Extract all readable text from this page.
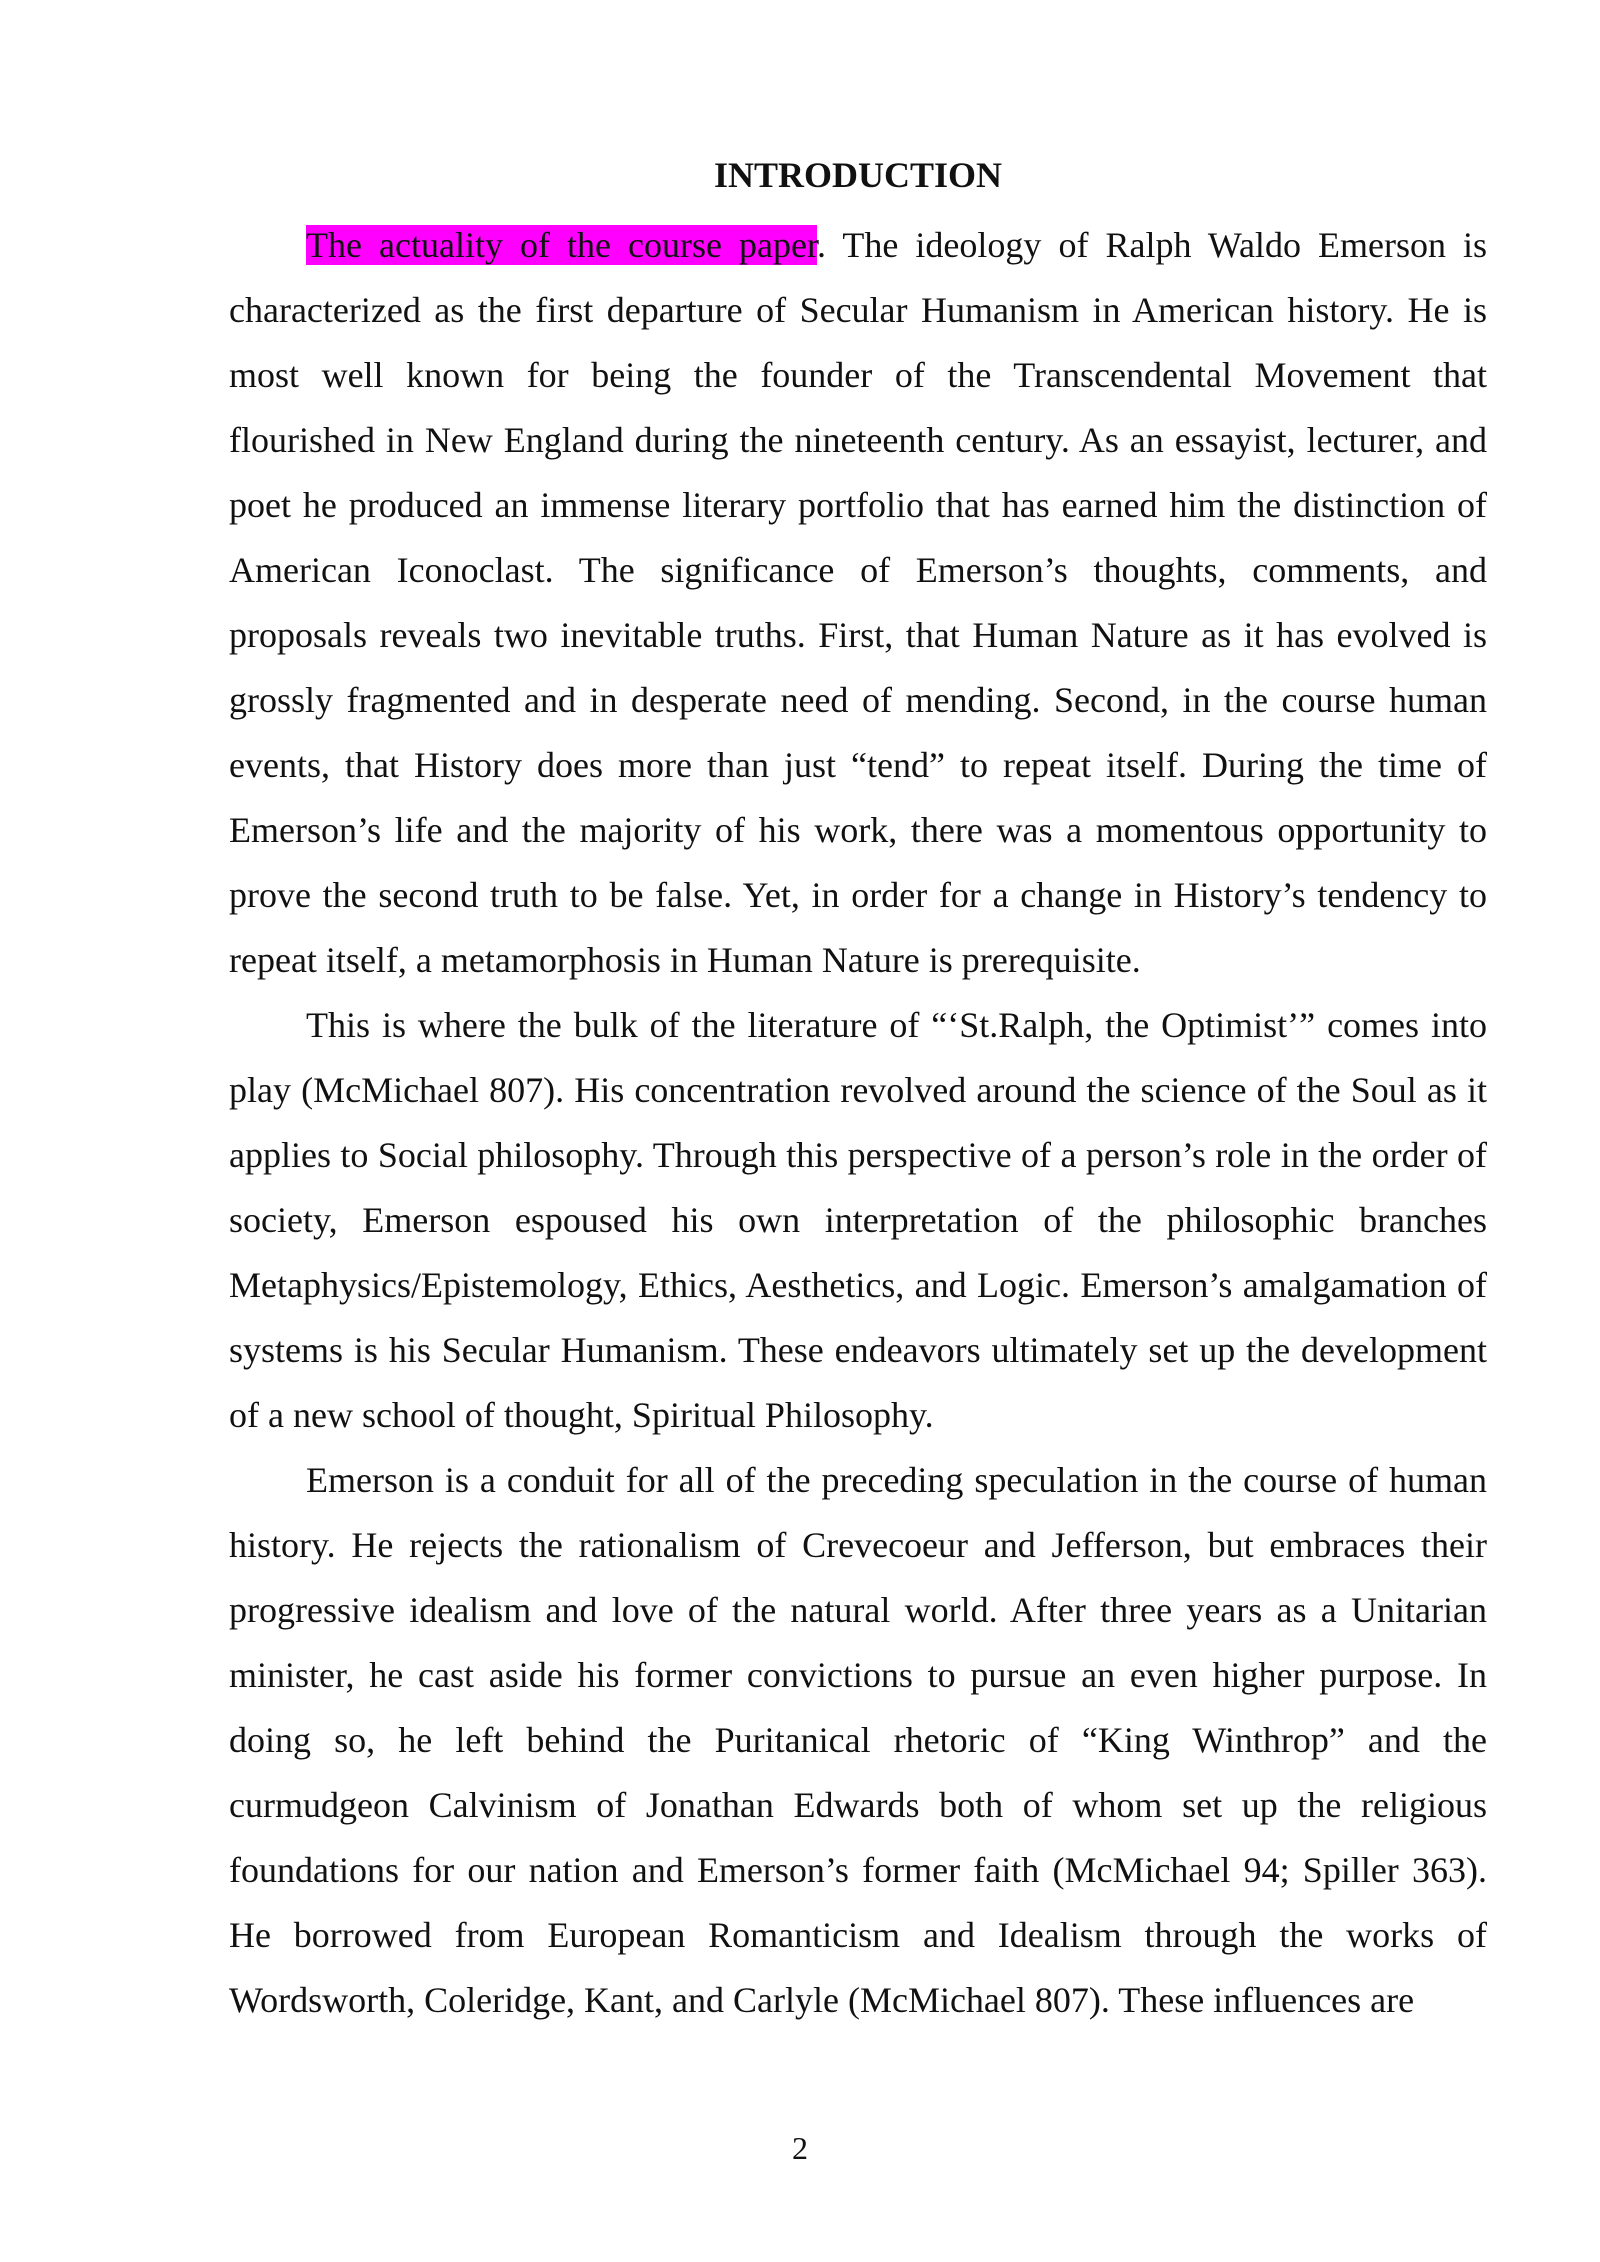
INTRODUCTION

The actuality of the course paper. The ideology of Ralph Waldo Emerson is characterized as the first departure of Secular Humanism in American history. He is most well known for being the founder of the Transcendental Movement that flourished in New England during the nineteenth century. As an essayist, lecturer, and poet he produced an immense literary portfolio that has earned him the distinction of American Iconoclast. The significance of Emerson’s thoughts, comments, and proposals reveals two inevitable truths. First, that Human Nature as it has evolved is grossly fragmented and in desperate need of mending. Second, in the course human events, that History does more than just “tend” to repeat itself. During the time of Emerson’s life and the majority of his work, there was a momentous opportunity to prove the second truth to be false. Yet, in order for a change in History’s tendency to repeat itself, a metamorphosis in Human Nature is prerequisite.

This is where the bulk of the literature of “‘St.Ralph, the Optimist’” comes into play (McMichael 807). His concentration revolved around the science of the Soul as it applies to Social philosophy. Through this perspective of a person’s role in the order of society, Emerson espoused his own interpretation of the philosophic branches Metaphysics/Epistemology, Ethics, Aesthetics, and Logic. Emerson’s amalgamation of systems is his Secular Humanism. These endeavors ultimately set up the development of a new school of thought, Spiritual Philosophy.

Emerson is a conduit for all of the preceding speculation in the course of human history. He rejects the rationalism of Crevecoeur and Jefferson, but embraces their progressive idealism and love of the natural world. After three years as a Unitarian minister, he cast aside his former convictions to pursue an even higher purpose. In doing so, he left behind the Puritanical rhetoric of “King Winthrop” and the curmudgeon Calvinism of Jonathan Edwards both of whom set up the religious foundations for our nation and Emerson’s former faith (McMichael 94; Spiller 363). He borrowed from European Romanticism and Idealism through the works of Wordsworth, Coleridge, Kant, and Carlyle (McMichael 807). These influences are

2
